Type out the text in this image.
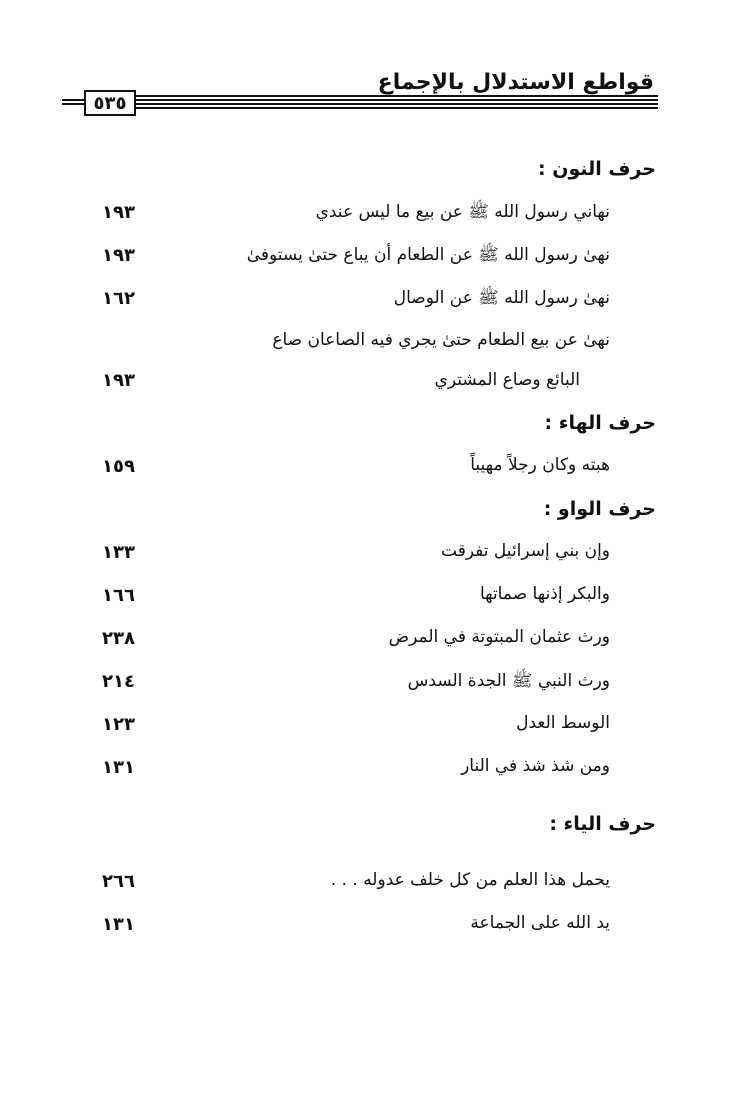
قواطع الاستدلال بالإجماع
٥٣٥
حرف النون :
نهاني رسول الله ﷺ عن بيع ما ليس عندي
١٩٣
نهىٰ رسول الله ﷺ عن الطعام أن يباع حتىٰ يستوفىٰ
١٩٣
نهىٰ رسول الله ﷺ عن الوصال
١٦٢
نهىٰ عن بيع الطعام حتىٰ يجري فيه الصاعان صاع
البائع وصاع المشتري
١٩٣
حرف الهاء :
هبته وكان رجلاً مهيباً
١٥٩
حرف الواو :
وإن بني إسرائيل تفرقت
١٣٣
والبكر إذنها صماتها
١٦٦
ورث عثمان المبتوتة في المرض
٢٣٨
ورث النبي ﷺ الجدة السدس
٢١٤
الوسط العدل
١٢٣
ومن شذ شذ في النار
١٣١
حرف الياء :
يحمل هذا العلم من كل خلف عدوله . . .
٢٦٦
يد الله على الجماعة
١٣١
